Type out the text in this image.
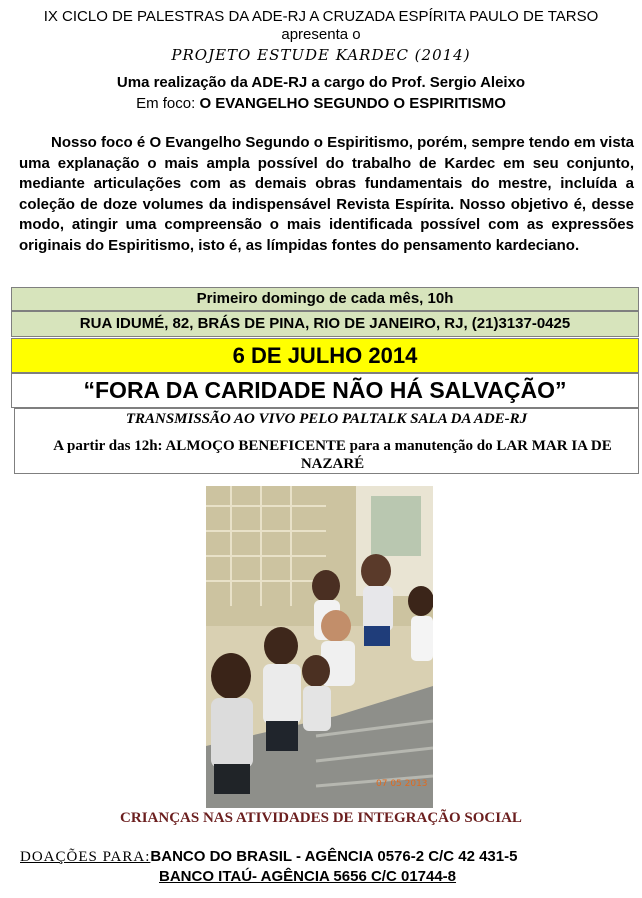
IX CICLO DE PALESTRAS DA ADE-RJ A CRUZADA ESPÍRITA PAULO DE TARSO
apresenta o
PROJETO ESTUDE KARDEC (2014)
Uma realização da ADE-RJ a cargo do Prof. Sergio Aleixo
Em foco: O EVANGELHO SEGUNDO O ESPIRITISMO

Nosso foco é O Evangelho Segundo o Espiritismo, porém, sempre tendo em vista uma explanação o mais ampla possível do trabalho de Kardec em seu conjunto, mediante articulações com as demais obras fundamentais do mestre, incluída a coleção de doze volumes da indispensável Revista Espírita. Nosso objetivo é, desse modo, atingir uma compreensão o mais identificada possível com as expressões originais do Espiritismo, isto é, as límpidas fontes do pensamento kardeciano.

Primeiro domingo de cada mês, 10h
RUA IDUMÉ, 82, BRÁS DE PINA, RIO DE JANEIRO, RJ, (21)3137-0425
6 DE JULHO 2014
“FORA DA CARIDADE NÃO HÁ SALVAÇÃO”
TRANSMISSÃO AO VIVO PELO PALTALK SALA DA ADE-RJ
A partir das 12h: ALMOÇO BENEFICENTE para a manutenção do LAR MAR IA DE NAZARÉ
07 05 2013
CRIANÇAS NAS ATIVIDADES DE INTEGRAÇÃO SOCIAL
DOAÇÕES PARA:BANCO DO BRASIL - AGÊNCIA 0576-2 C/C 42 431-5
BANCO ITAÚ- AGÊNCIA 5656 C/C 01744-8
